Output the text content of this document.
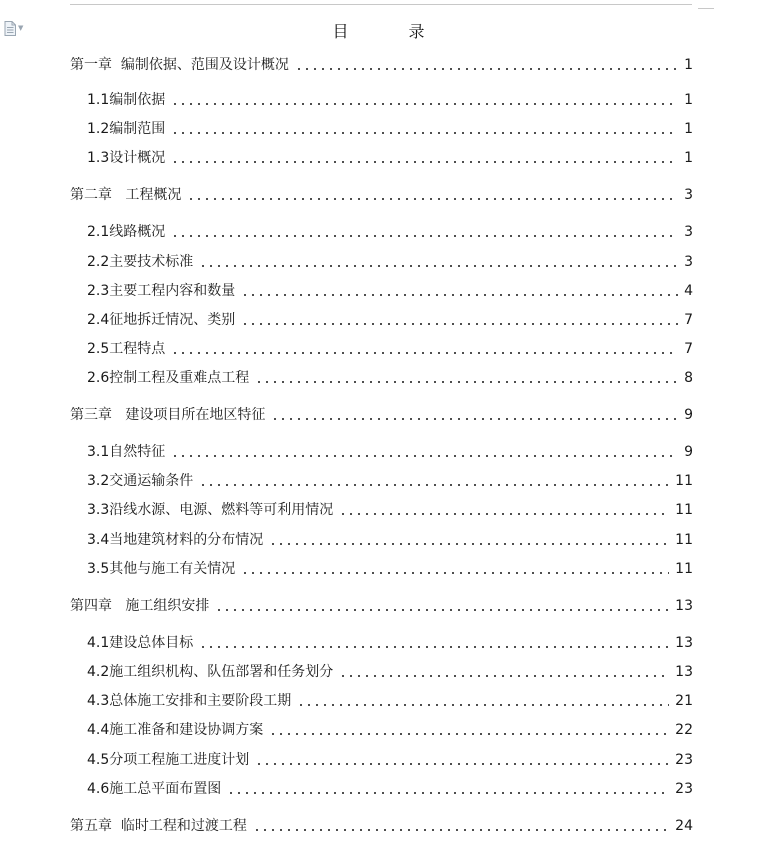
▼	目　录
第一章  编制依据、范围及设计概况	1
1.1编制依据	1
1.2编制范围	1
1.3设计概况	1
第二章   工程概况	3
2.1线路概况	3
2.2主要技术标准	3
2.3主要工程内容和数量	4
2.4征地拆迁情况、类别	7
2.5工程特点	7
2.6控制工程及重难点工程	8
第三章   建设项目所在地区特征	9
3.1自然特征	9
3.2交通运输条件	11
3.3沿线水源、电源、燃料等可利用情况	11
3.4当地建筑材料的分布情况	11
3.5其他与施工有关情况	11
第四章   施工组织安排	13
4.1建设总体目标	13
4.2施工组织机构、队伍部署和任务划分	13
4.3总体施工安排和主要阶段工期	21
4.4施工准备和建设协调方案	22
4.5分项工程施工进度计划	23
4.6施工总平面布置图	23
第五章  临时工程和过渡工程	24
